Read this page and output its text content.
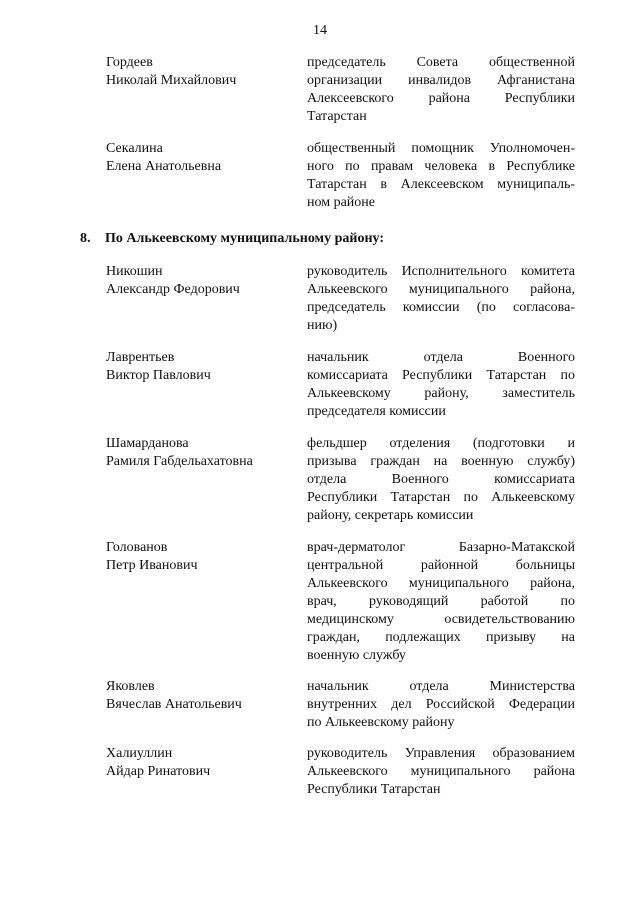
14
Гордеев
Николай Михайлович
председатель Совета общественной
организации инвалидов Афганистана
Алексеевского района Республики
Татарстан
Секалина
Елена Анатольевна
общественный помощник Уполномочен-
ного по правам человека в Республике
Татарстан в Алексеевском муниципаль-
ном районе
8. По Алькеевскому муниципальному району:
Никошин
Александр Федорович
руководитель Исполнительного комитета
Алькеевского муниципального района,
председатель комиссии (по согласова-
нию)
Лаврентьев
Виктор Павлович
начальник отдела Военного
комиссариата Республики Татарстан по
Алькеевскому району, заместитель
председателя комиссии
Шамарданова
Рамиля Габдельахатовна
фельдшер отделения (подготовки и
призыва граждан на военную службу)
отдела Военного комиссариата
Республики Татарстан по Алькеевскому
району, секретарь комиссии
Голованов
Петр Иванович
врач-дерматолог Базарно-Матакской
центральной районной больницы
Алькеевского муниципального района,
врач, руководящий работой по
медицинскому освидетельствованию
граждан, подлежащих призыву на
военную службу
Яковлев
Вячеслав Анатольевич
начальник отдела Министерства
внутренних дел Российской Федерации
по Алькеевскому району
Халиуллин
Айдар Ринатович
руководитель Управления образованием
Алькеевского муниципального района
Республики Татарстан
